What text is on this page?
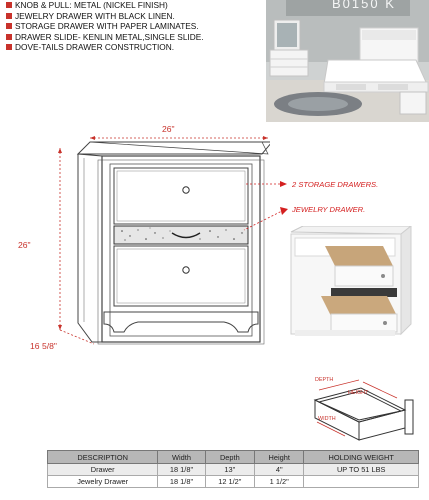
KNOB & PULL: METAL (NICKEL FINISH)
JEWELRY DRAWER WITH BLACK LINEN.
STORAGE DRAWER WITH PAPER LAMINATES.
DRAWER SLIDE- KENLIN METAL,SINGLE SLIDE.
DOVE-TAILS DRAWER CONSTRUCTION.
B0150 K
26"
26"
16 5/8"
2 STORAGE DRAWERS.
JEWELRY DRAWER.
DEPTH
HEIGHT
WIDTH
DESCRIPTION	Width	Depth	Height	HOLDING WEIGHT
Drawer	18 1/8"	13"	4"	UP TO 51 LBS
Jewelry Drawer	18 1/8"	12 1/2"	1 1/2"	
